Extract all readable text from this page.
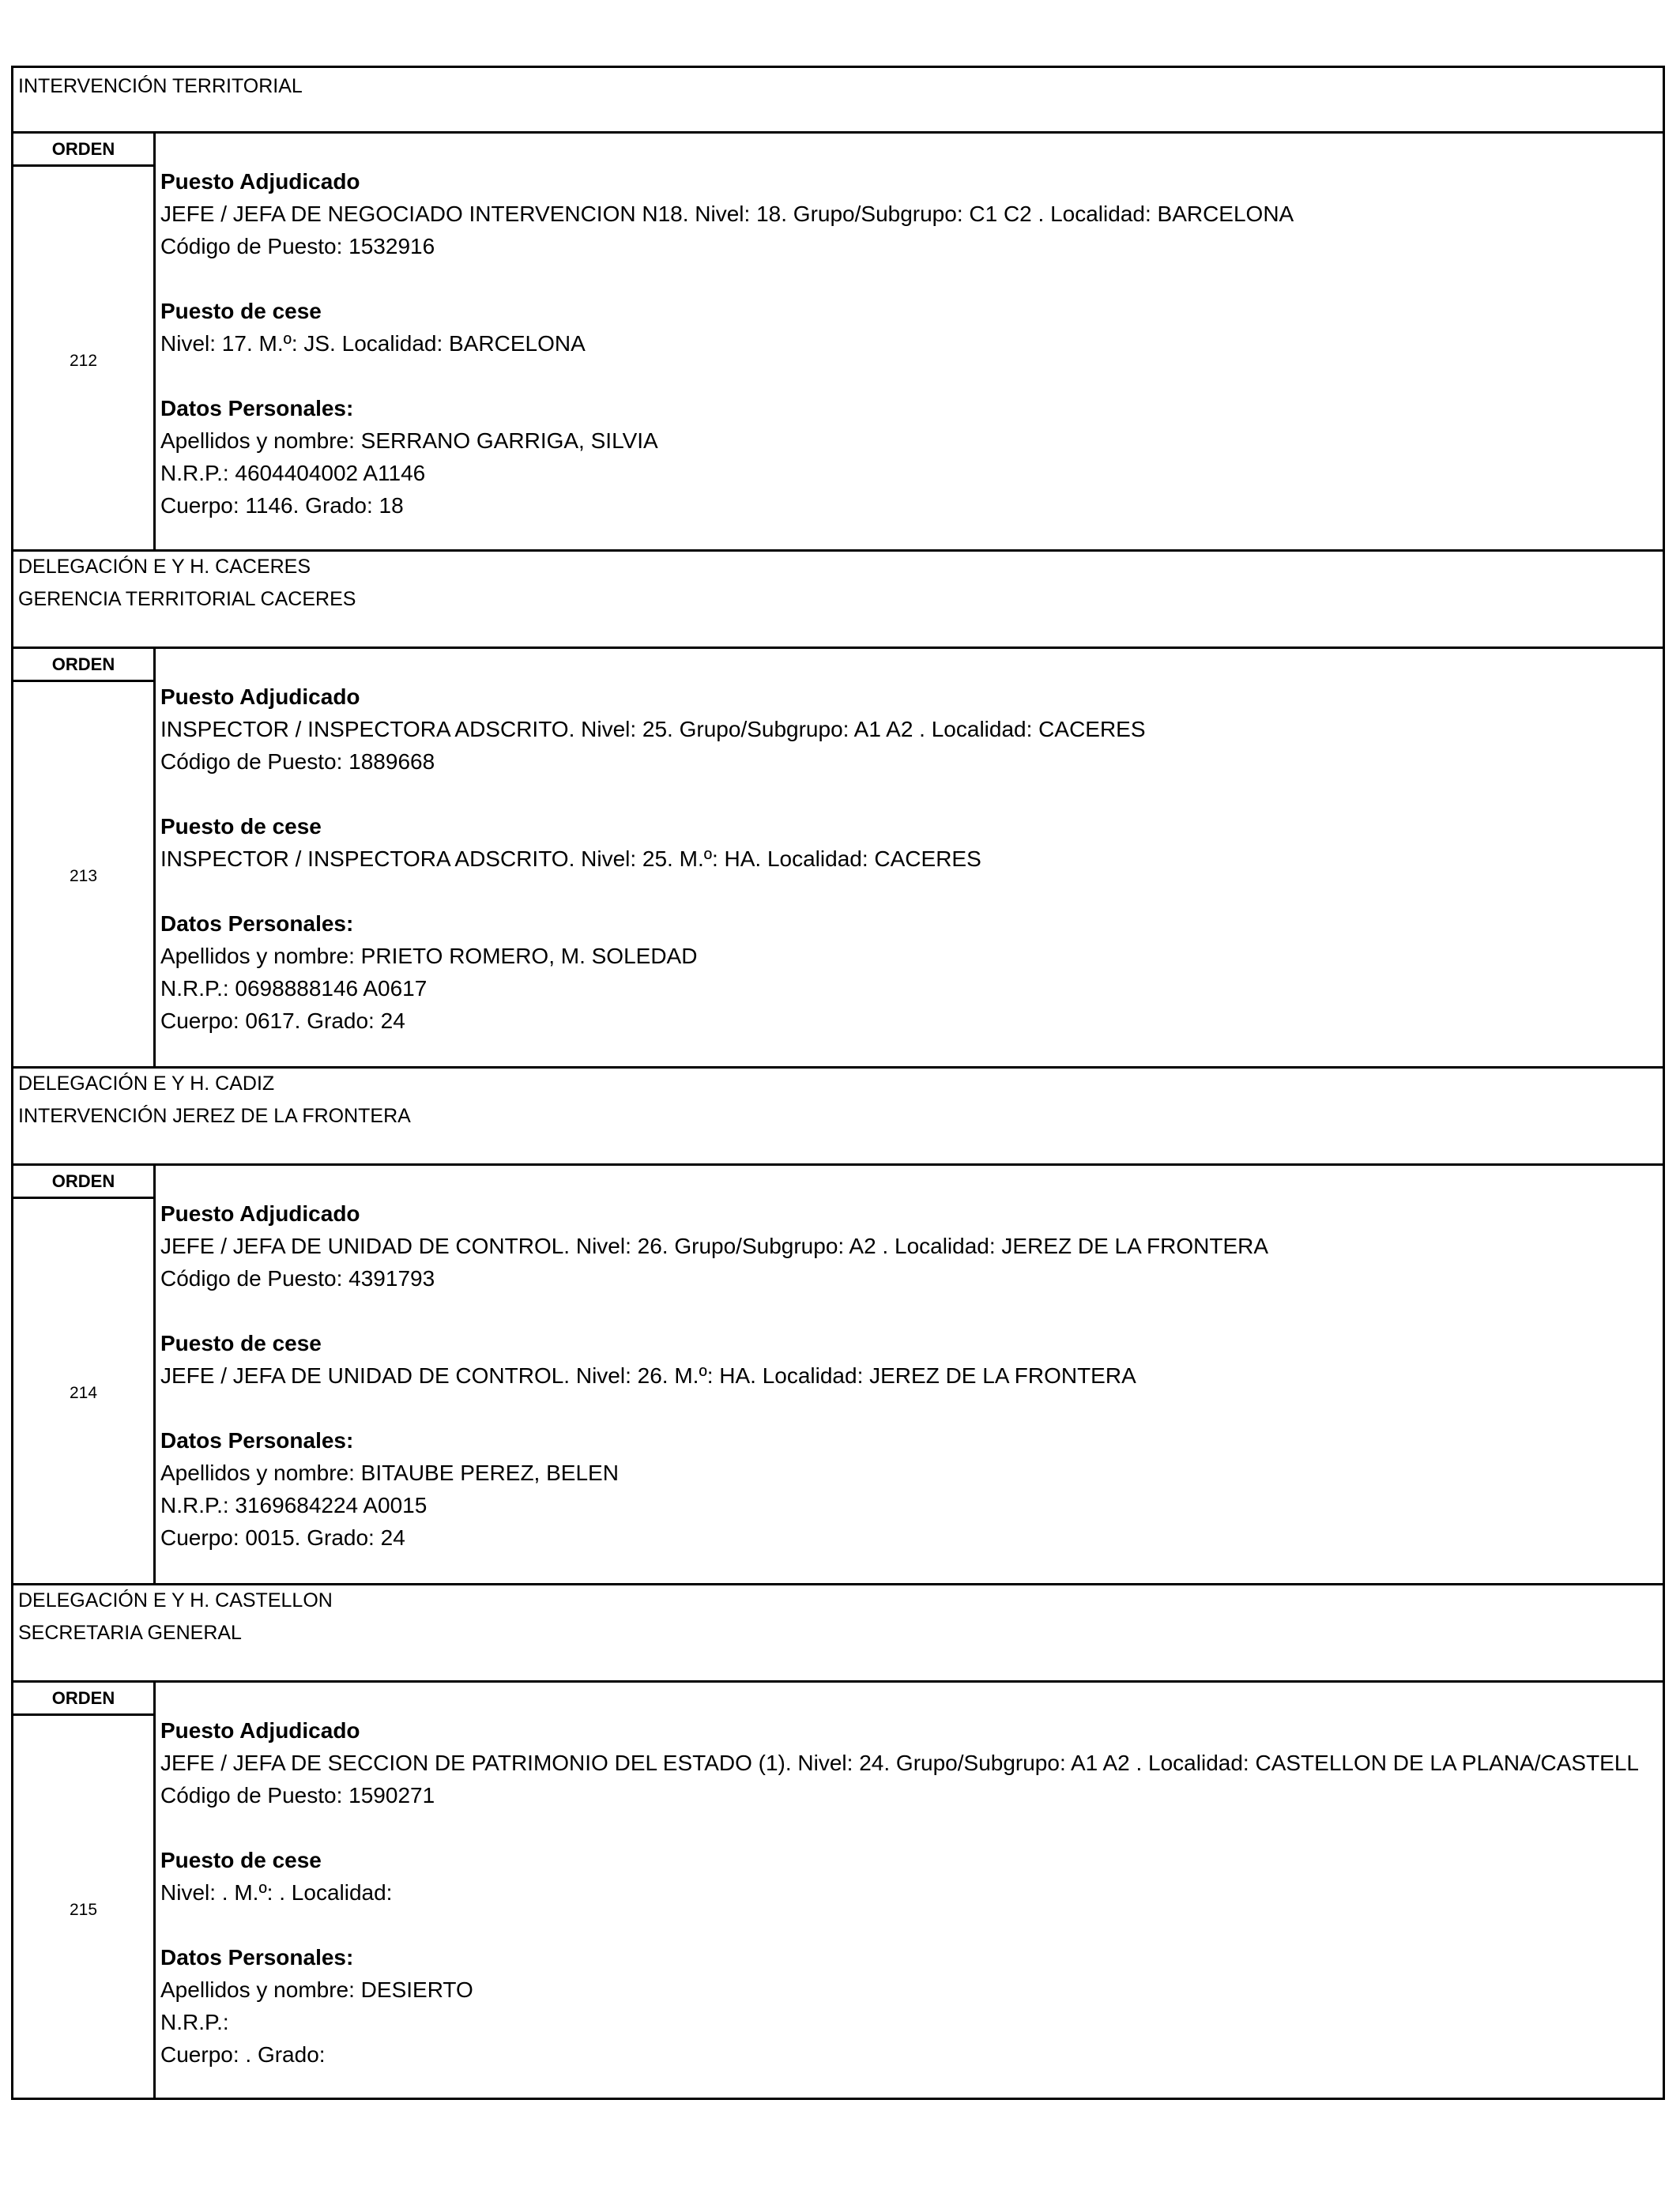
INTERVENCIÓN TERRITORIAL
ORDEN
212
Puesto Adjudicado
JEFE / JEFA DE NEGOCIADO INTERVENCION N18. Nivel: 18. Grupo/Subgrupo: C1 C2 . Localidad: BARCELONA
Código de Puesto: 1532916
Puesto de cese
Nivel: 17. M.º: JS. Localidad: BARCELONA
Datos Personales:
Apellidos y nombre: SERRANO GARRIGA, SILVIA
N.R.P.: 4604404002 A1146
Cuerpo: 1146. Grado: 18
DELEGACIÓN E Y H. CACERES
GERENCIA TERRITORIAL CACERES
ORDEN
213
Puesto Adjudicado
INSPECTOR / INSPECTORA ADSCRITO. Nivel: 25. Grupo/Subgrupo: A1 A2 . Localidad: CACERES
Código de Puesto: 1889668
Puesto de cese
INSPECTOR / INSPECTORA ADSCRITO. Nivel: 25. M.º: HA. Localidad: CACERES
Datos Personales:
Apellidos y nombre: PRIETO ROMERO, M. SOLEDAD
N.R.P.: 0698888146 A0617
Cuerpo: 0617. Grado: 24
DELEGACIÓN E Y H. CADIZ
INTERVENCIÓN JEREZ DE LA FRONTERA
ORDEN
214
Puesto Adjudicado
JEFE / JEFA DE UNIDAD DE CONTROL. Nivel: 26. Grupo/Subgrupo: A2 . Localidad: JEREZ DE LA FRONTERA
Código de Puesto: 4391793
Puesto de cese
JEFE / JEFA DE UNIDAD DE CONTROL. Nivel: 26. M.º: HA. Localidad: JEREZ DE LA FRONTERA
Datos Personales:
Apellidos y nombre: BITAUBE PEREZ, BELEN
N.R.P.: 3169684224 A0015
Cuerpo: 0015. Grado: 24
DELEGACIÓN E Y H. CASTELLON
SECRETARIA GENERAL
ORDEN
215
Puesto Adjudicado
JEFE / JEFA DE SECCION DE PATRIMONIO DEL ESTADO (1). Nivel: 24. Grupo/Subgrupo: A1 A2 . Localidad: CASTELLON DE LA PLANA/CASTELL
Código de Puesto: 1590271
Puesto de cese
Nivel: . M.º: . Localidad:
Datos Personales:
Apellidos y nombre: DESIERTO
N.R.P.:
Cuerpo: . Grado:
